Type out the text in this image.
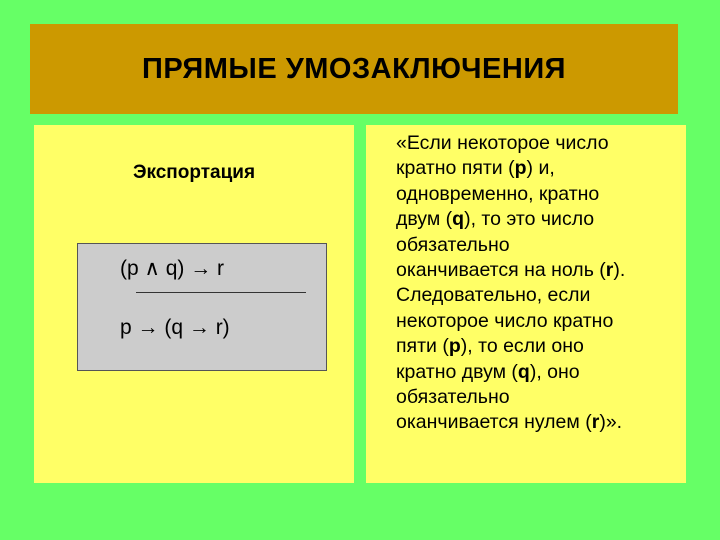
ПРЯМЫЕ УМОЗАКЛЮЧЕНИЯ
Экспортация
(p ∧ q) → r
p → (q → r)
«Если некоторое число
кратно пяти (p) и,
одновременно, кратно
двум (q), то это число
обязательно
оканчивается на ноль (r).
Следовательно, если
некоторое число кратно
пяти (p), то если оно
кратно двум (q), оно
обязательно
оканчивается нулем (r)».
